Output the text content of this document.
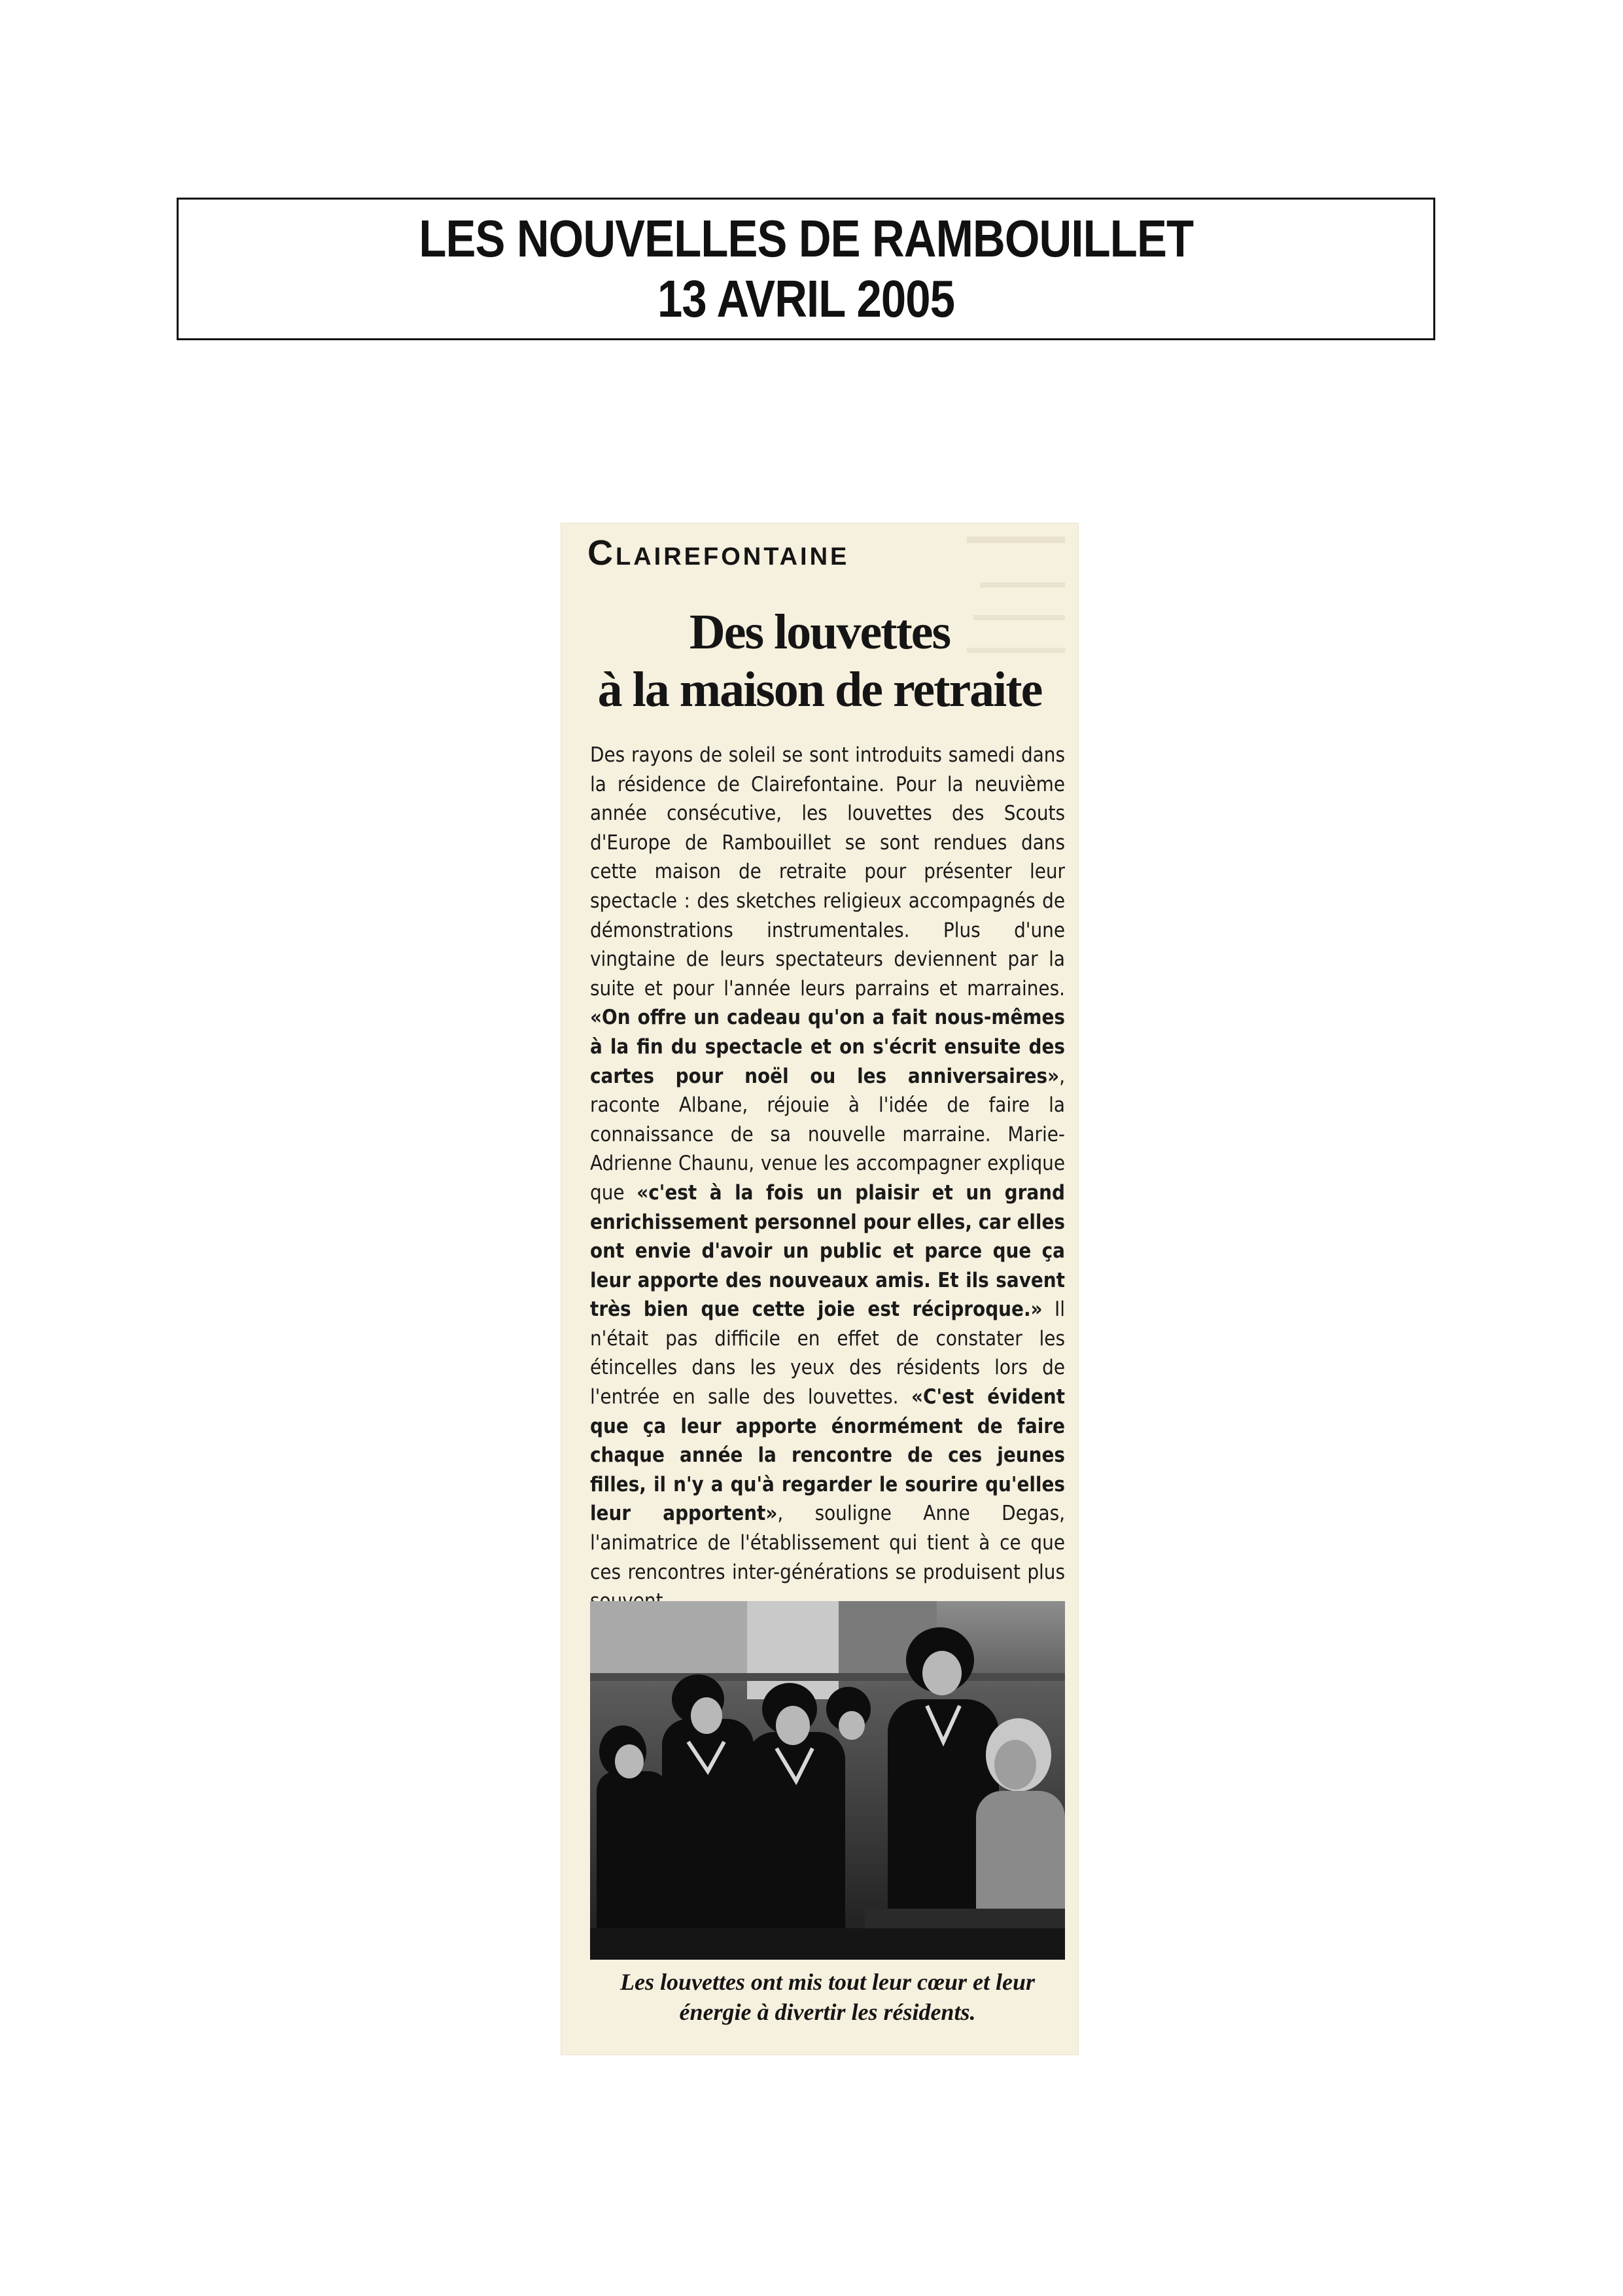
LES NOUVELLES DE RAMBOUILLET
13 AVRIL 2005
Clairefontaine
Des louvettes
à la maison de retraite
Des rayons de soleil se sont introduits samedi dans la résidence de Clairefontaine. Pour la neuvième année consécutive, les louvettes des Scouts d'Europe de Rambouillet se sont rendues dans cette maison de retraite pour présenter leur spectacle : des sketches religieux accompagnés de démonstrations instrumentales. Plus d'une vingtaine de leurs spectateurs deviennent par la suite et pour l'année leurs parrains et marraines. «On offre un cadeau qu'on a fait nous-mêmes à la fin du spectacle et on s'écrit ensuite des cartes pour noël ou les anniversaires», raconte Albane, réjouie à l'idée de faire la connaissance de sa nouvelle marraine. Marie-Adrienne Chaunu, venue les accompagner explique que «c'est à la fois un plaisir et un grand enrichissement personnel pour elles, car elles ont envie d'avoir un public et parce que ça leur apporte des nouveaux amis. Et ils savent très bien que cette joie est réciproque.» Il n'était pas difficile en effet de constater les étincelles dans les yeux des résidents lors de l'entrée en salle des louvettes. «C'est évident que ça leur apporte énormément de faire chaque année la rencontre de ces jeunes filles, il n'y a qu'à regarder le sourire qu'elles leur apportent», souligne Anne Degas, l'animatrice de l'établissement qui tient à ce que ces rencontres inter-générations se produisent plus
Les louvettes ont mis tout leur cœur et leur énergie à divertir les résidents.
